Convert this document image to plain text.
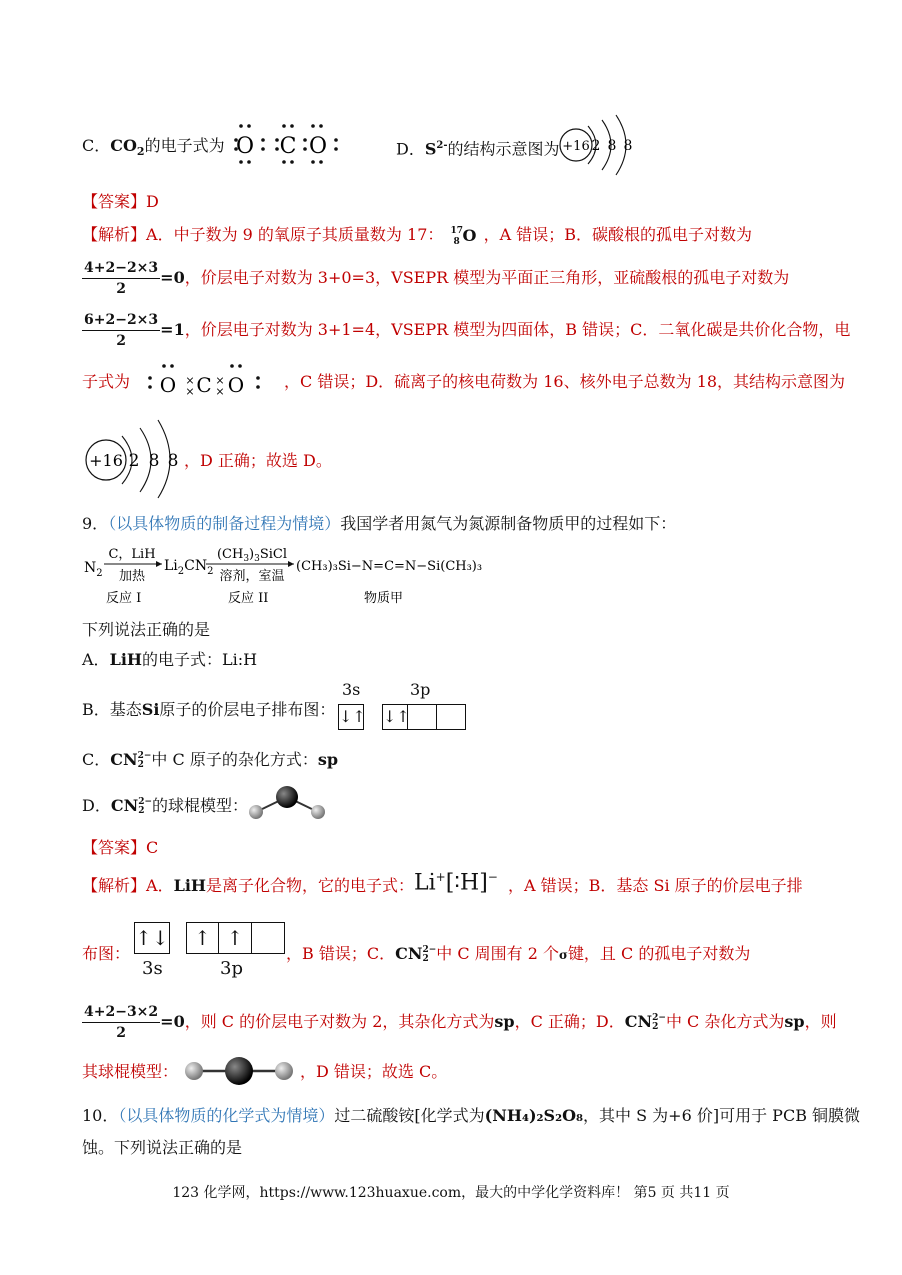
C．$CO_2$的电子式为 O C O	D．$S^{2-}$的结构示意图为 +16 2 8 8
【答案】D
【解析】A．中子数为 9 的氧原子其质量数为 17： 17
8 O ，A 错误；B．碳酸根的孤电子对数为
$\frac{4+2-2\times 3}{2} =0$，价层电子对数为 3+0=3，VSEPR 模型为平面正三角形，亚硫酸根的孤电子对数为
$\frac{6+2-2\times 3}{2} =1$，价层电子对数为 3+1=4，VSEPR 模型为四面体，B 错误；C．二氧化碳是共价化合物，电
子式为 O ×
× C ×
× O ，C 错误；D．硫离子的核电荷数为 16、核外电子总数为 18，其结构示意图为
+16 2 8 8 ，D 正确；故选 D。
9．（以具体物质的制备过程为情境）我国学者用氮气为氮源制备物质甲的过程如下：
$N_2$
C，LiH
加热
$Li_2CN_2$
$(CH_3)_3SiCl$
溶剂，室温
(CH₃)₃Si−N=C=N−Si(CH₃)₃
反应 I	反应 II	物质甲
下列说法正确的是
A．LiH的电子式：Li:H
B．基态Si原子的价层电子排布图：
3s	3p
↓↑ ↓↑
C．CN2−
2 中 C 原子的杂化方式：sp
D．CN2−
2 的球棍模型：
【答案】C
【解析】A．LiH是离子化合物，它的电子式： Li+[∶H]− ，A 错误；B．基态 Si 原子的价层电子排
布图：
↑↓	↑ ↑
3s	3p
，B 错误；C．CN2−
2 中 C 周围有 2 个σ键，且 C 的孤电子对数为
$\frac{4+2-3\times 2}{2} =0$，则 C 的价层电子对数为 2，其杂化方式为sp，C 正确；D．CN2−
2 中 C 杂化方式为sp，则
其球棍模型：	，D 错误；故选 C。
10．（以具体物质的化学式为情境）过二硫酸铵[化学式为(NH₄)₂S₂O₈，其中 S 为+6 价]可用于 PCB 铜膜微
蚀。下列说法正确的是
123 化学网，https://www.123huaxue.com，最大的中学化学资料库！ 第5 页 共11 页
